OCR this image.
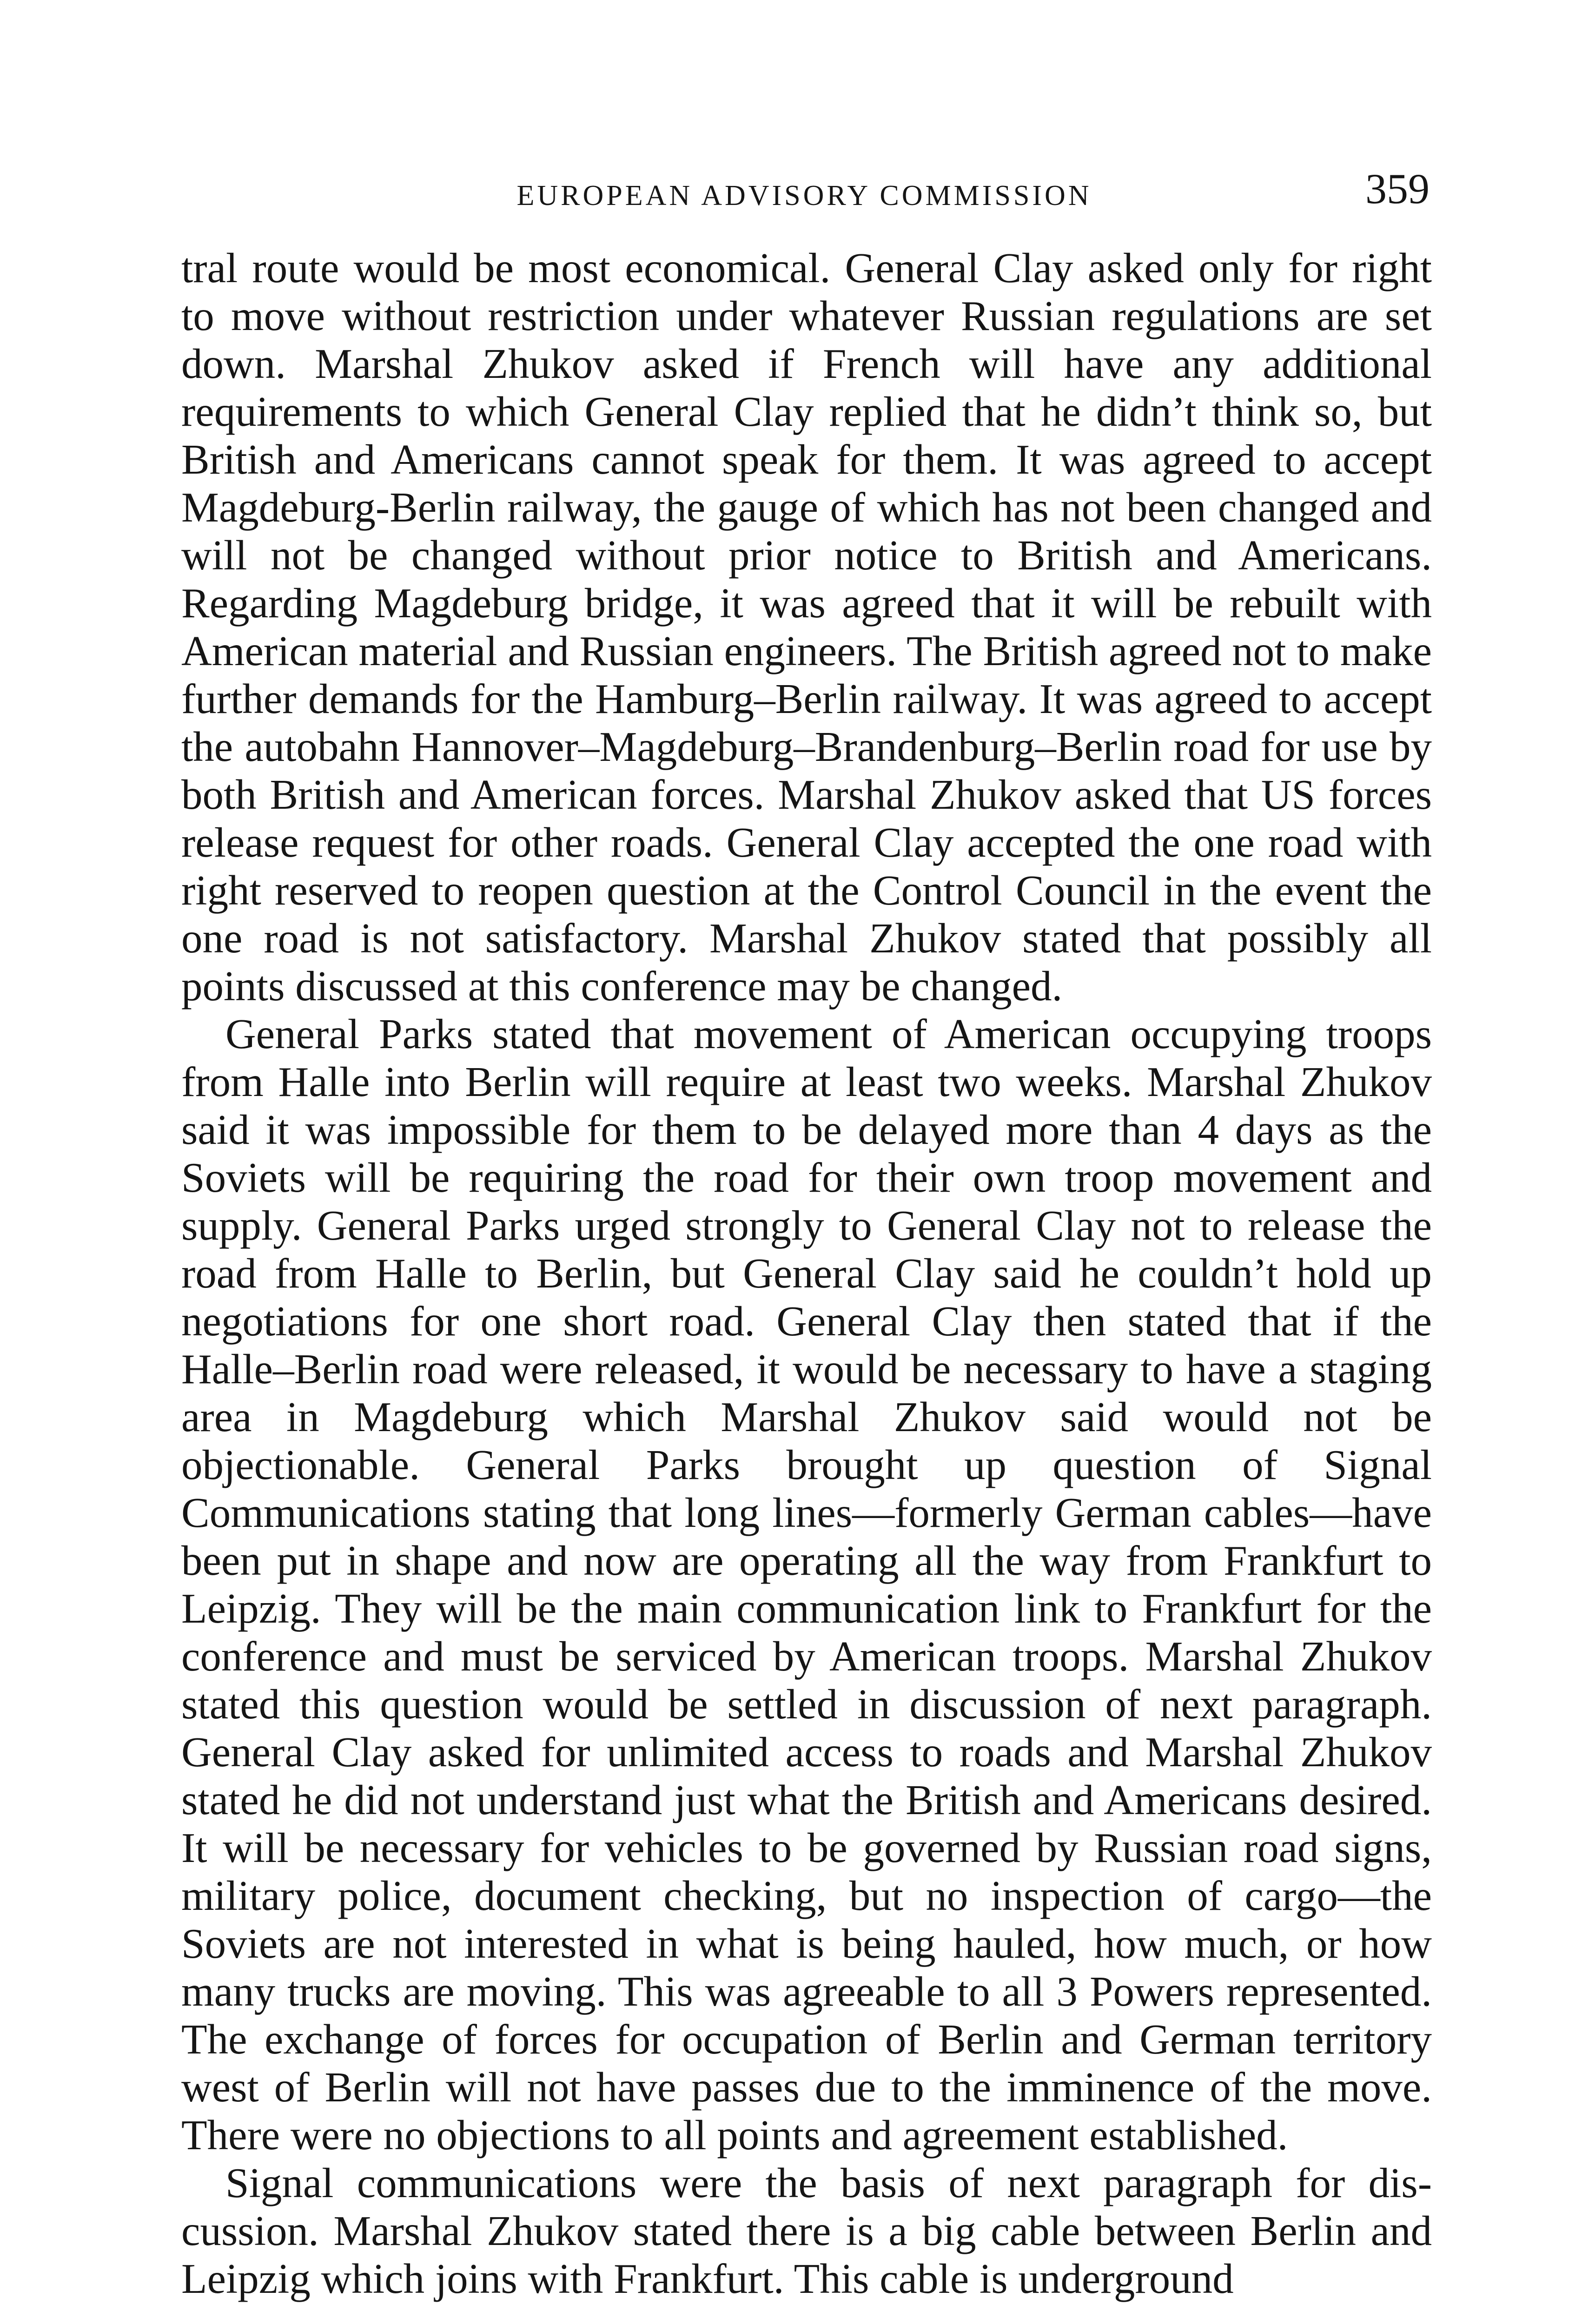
EUROPEAN ADVISORY COMMISSION	359

tral route would be most economical. General Clay asked only for right to move without restriction under whatever Russian regulations are set down. Marshal Zhukov asked if French will have any additional requirements to which General Clay replied that he didn’t think so, but British and Americans cannot speak for them. It was agreed to accept Magdeburg-Berlin railway, the gauge of which has not been changed and will not be changed without prior notice to British and Americans. Regarding Magdeburg bridge, it was agreed that it will be rebuilt with American material and Russian engineers. The British agreed not to make further demands for the Hamburg–Berlin railway. It was agreed to accept the autobahn Hannover–Magdeburg–Brandenburg–Berlin road for use by both British and American forces. Marshal Zhukov asked that US forces release request for other roads. General Clay accepted the one road with right reserved to reopen question at the Control Council in the event the one road is not satisfactory. Marshal Zhukov stated that possibly all points discussed at this conference may be changed.

General Parks stated that movement of American occupying troops from Halle into Berlin will require at least two weeks. Marshal Zhukov said it was impossible for them to be delayed more than 4 days as the Soviets will be requiring the road for their own troop movement and supply. General Parks urged strongly to General Clay not to release the road from Halle to Berlin, but General Clay said he couldn’t hold up negotiations for one short road. General Clay then stated that if the Halle–Berlin road were released, it would be necessary to have a staging area in Magdeburg which Marshal Zhukov said would not be objectionable. General Parks brought up question of Signal Communications stating that long lines—formerly German cables—have been put in shape and now are operating all the way from Frankfurt to Leipzig. They will be the main communication link to Frankfurt for the conference and must be serviced by American troops. Marshal Zhukov stated this question would be settled in discussion of next paragraph. General Clay asked for unlimited access to roads and Marshal Zhukov stated he did not understand just what the British and Americans desired. It will be necessary for vehicles to be governed by Russian road signs, military police, document checking, but no inspection of cargo—the Soviets are not interested in what is being hauled, how much, or how many trucks are moving. This was agreeable to all 3 Powers represented. The exchange of forces for occupation of Berlin and German territory west of Berlin will not have passes due to the imminence of the move. There were no objections to all points and agreement established.

Signal communications were the basis of next paragraph for discussion. Marshal Zhukov stated there is a big cable between Berlin and Leipzig which joins with Frankfurt. This cable is underground
